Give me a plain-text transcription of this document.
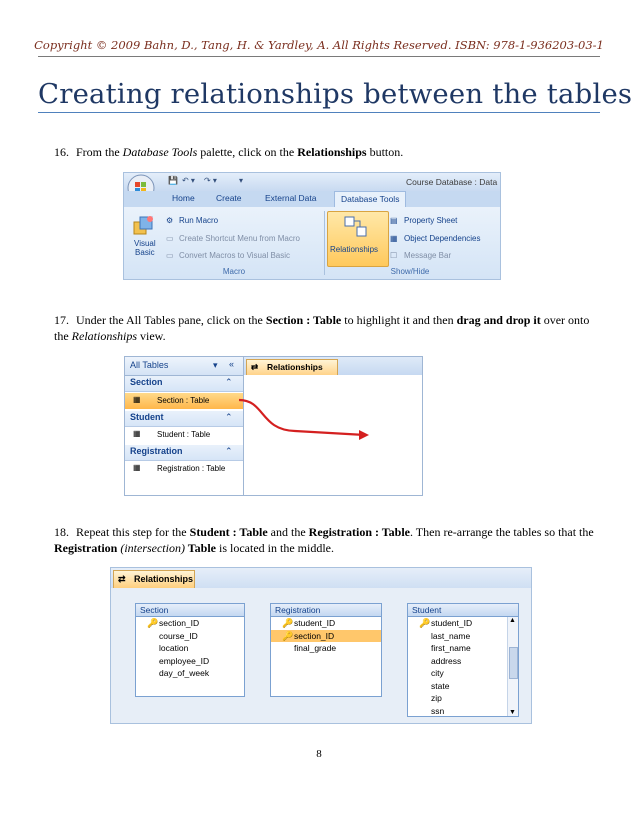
Copyright © 2009 Bahn, D., Tang, H. & Yardley, A. All Rights Reserved. ISBN: 978-1-936203-03-1
Creating relationships between the tables
16. From the Database Tools palette, click on the Relationships button.
💾 ↶ ▾ ↷ ▾	▾	Course Database : Data
Home	Create	External Data	Database Tools
Visual
Basic
⚙ Run Macro
▭ Create Shortcut Menu from Macro
▭ Convert Macros to Visual Basic
Macro
Relationships
▤ Property Sheet
▦ Object Dependencies
☐ Message Bar
Show/Hide
17. Under the All Tables pane, click on the Section : Table to highlight it and then drag and drop it over onto the Relationships view.
All Tables	▾ «
Section	⌃
▦ Section : Table
Student	⌃
▦ Student : Table
Registration	⌃
▦ Registration : Table
⇄ Relationships
18. Repeat this step for the Student : Table and the Registration : Table. Then re-arrange the tables so that the Registration (intersection) Table is located in the middle.
⇄ Relationships
Section
🔑 section_ID
course_ID
location
employee_ID
day_of_week
Registration
🔑 student_ID
🔑 section_ID
final_grade
Student
🔑 student_ID
last_name
first_name
address
city
state
zip
ssn
▲
▼
8
